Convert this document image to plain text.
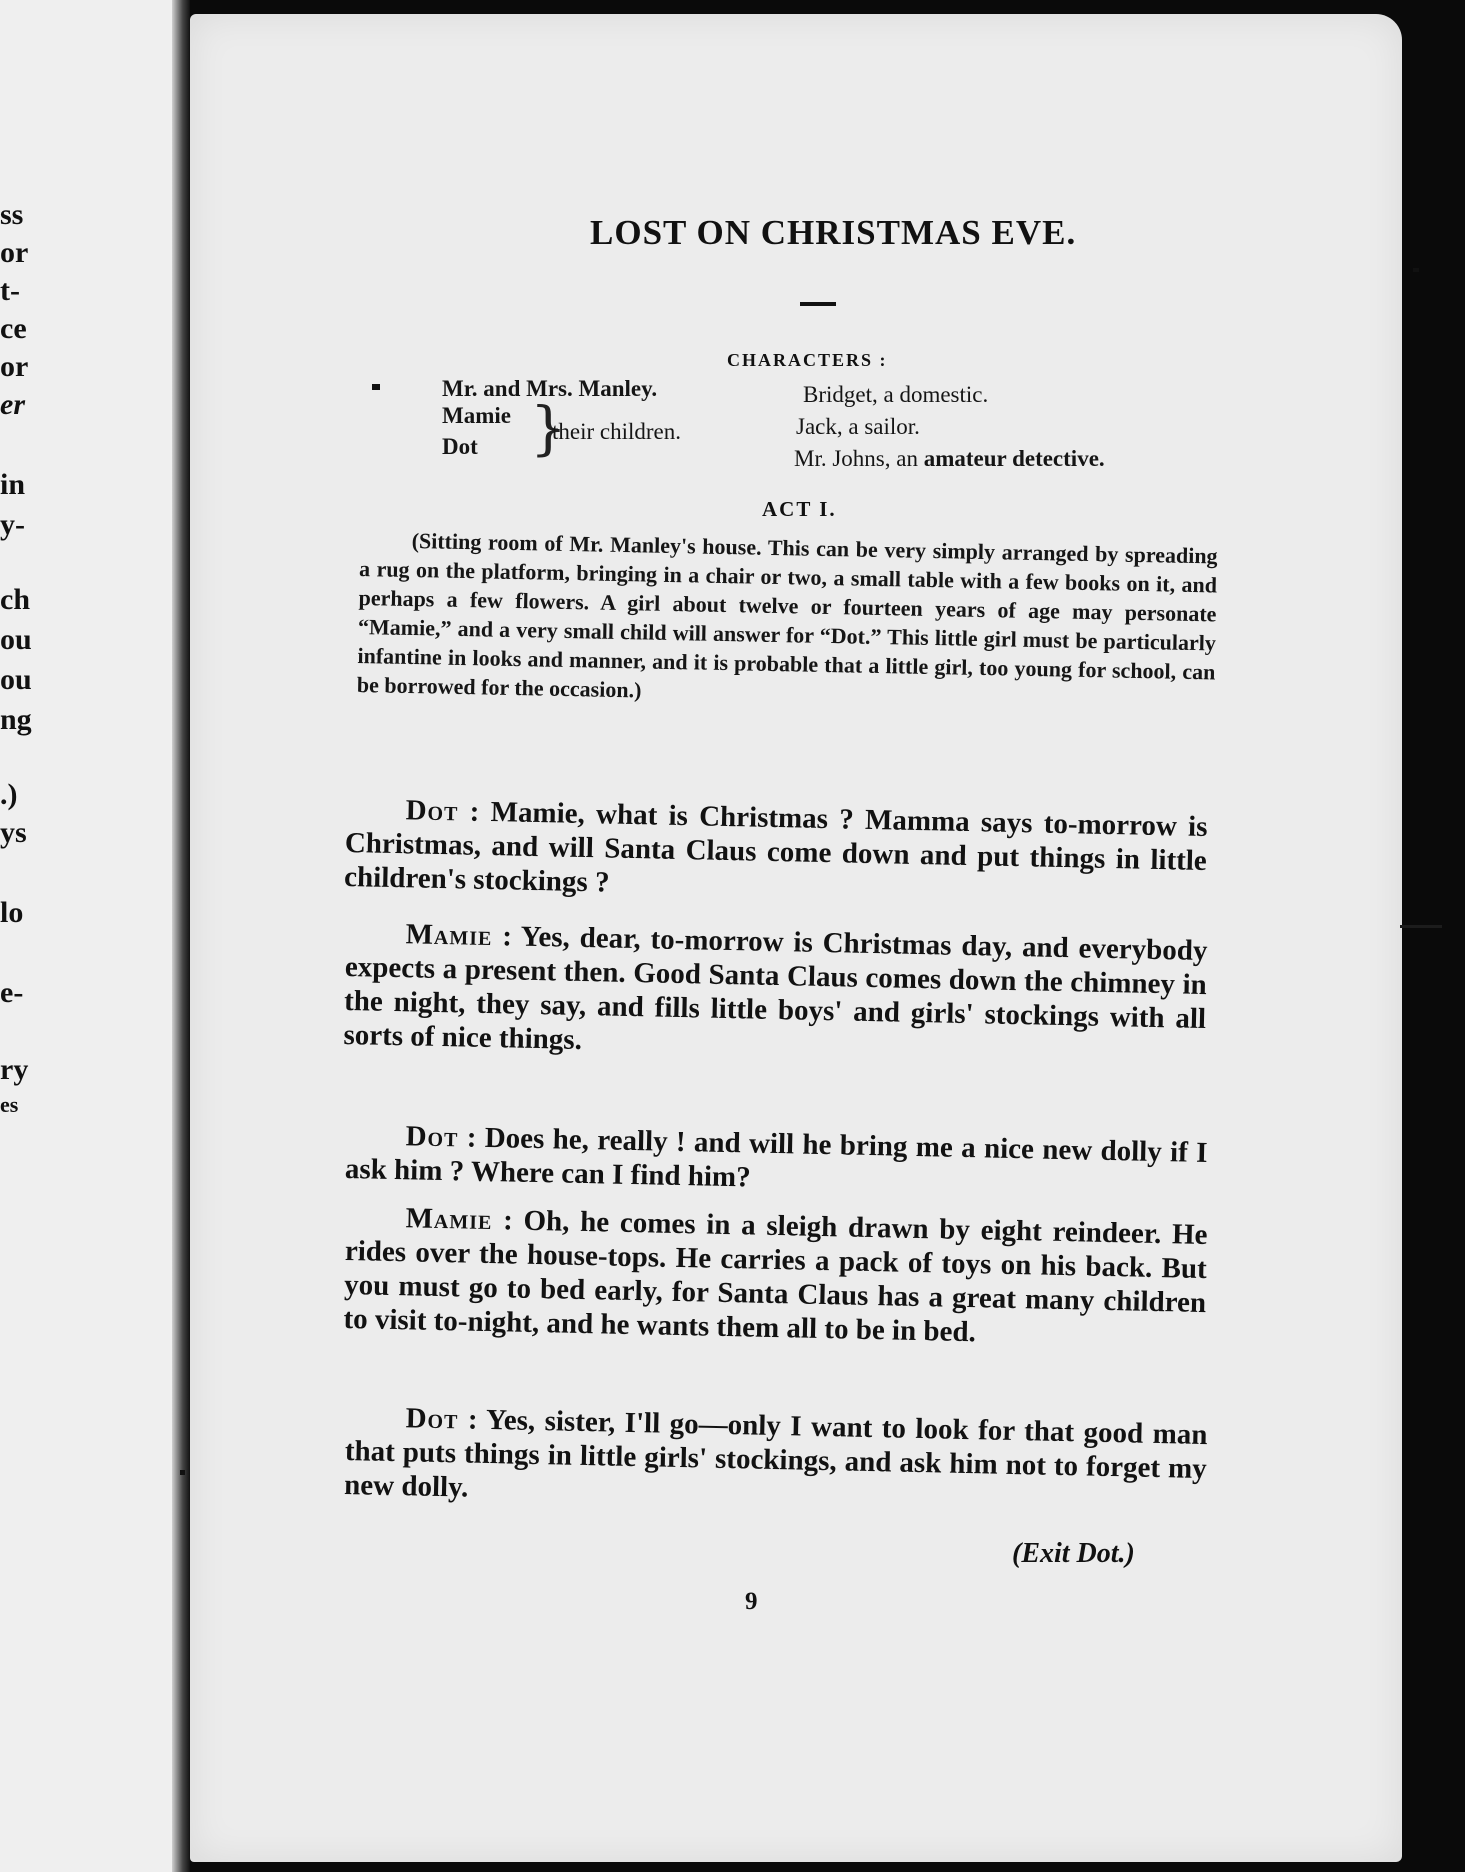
ss
or
t-
ce
or
er
in
y-
ch
ou
ou
ng
.)
ys
lo
e-
ry
es
LOST ON CHRISTMAS EVE.
CHARACTERS :
Mr. and Mrs. Manley.
Mamie
Dot }
their children.
Bridget, a domestic.
Jack, a sailor.
Mr. Johns, an amateur detective.
ACT I.
(Sitting room of Mr. Manley's house. This can be very simply arranged by spreading a rug on the platform, bringing in a chair or two, a small table with a few books on it, and perhaps a few flowers. A girl about twelve or fourteen years of age may personate “Mamie,” and a very small child will answer for “Dot.” This little girl must be particularly infantine in looks and manner, and it is probable that a little girl, too young for school, can be borrowed for the occasion.)
Dot : Mamie, what is Christmas ? Mamma says to-morrow is Christmas, and will Santa Claus come down and put things in little children's stockings ?
Mamie : Yes, dear, to-morrow is Christmas day, and everybody expects a present then. Good Santa Claus comes down the chimney in the night, they say, and fills little boys' and girls' stockings with all sorts of nice things.
Dot : Does he, really ! and will he bring me a nice new dolly if I ask him ? Where can I find him?
Mamie : Oh, he comes in a sleigh drawn by eight reindeer. He rides over the house-tops. He carries a pack of toys on his back. But you must go to bed early, for Santa Claus has a great many children to visit to-night, and he wants them all to be in bed.
Dot : Yes, sister, I'll go—only I want to look for that good man that puts things in little girls' stockings, and ask him not to forget my new dolly.
(Exit Dot.)
9
